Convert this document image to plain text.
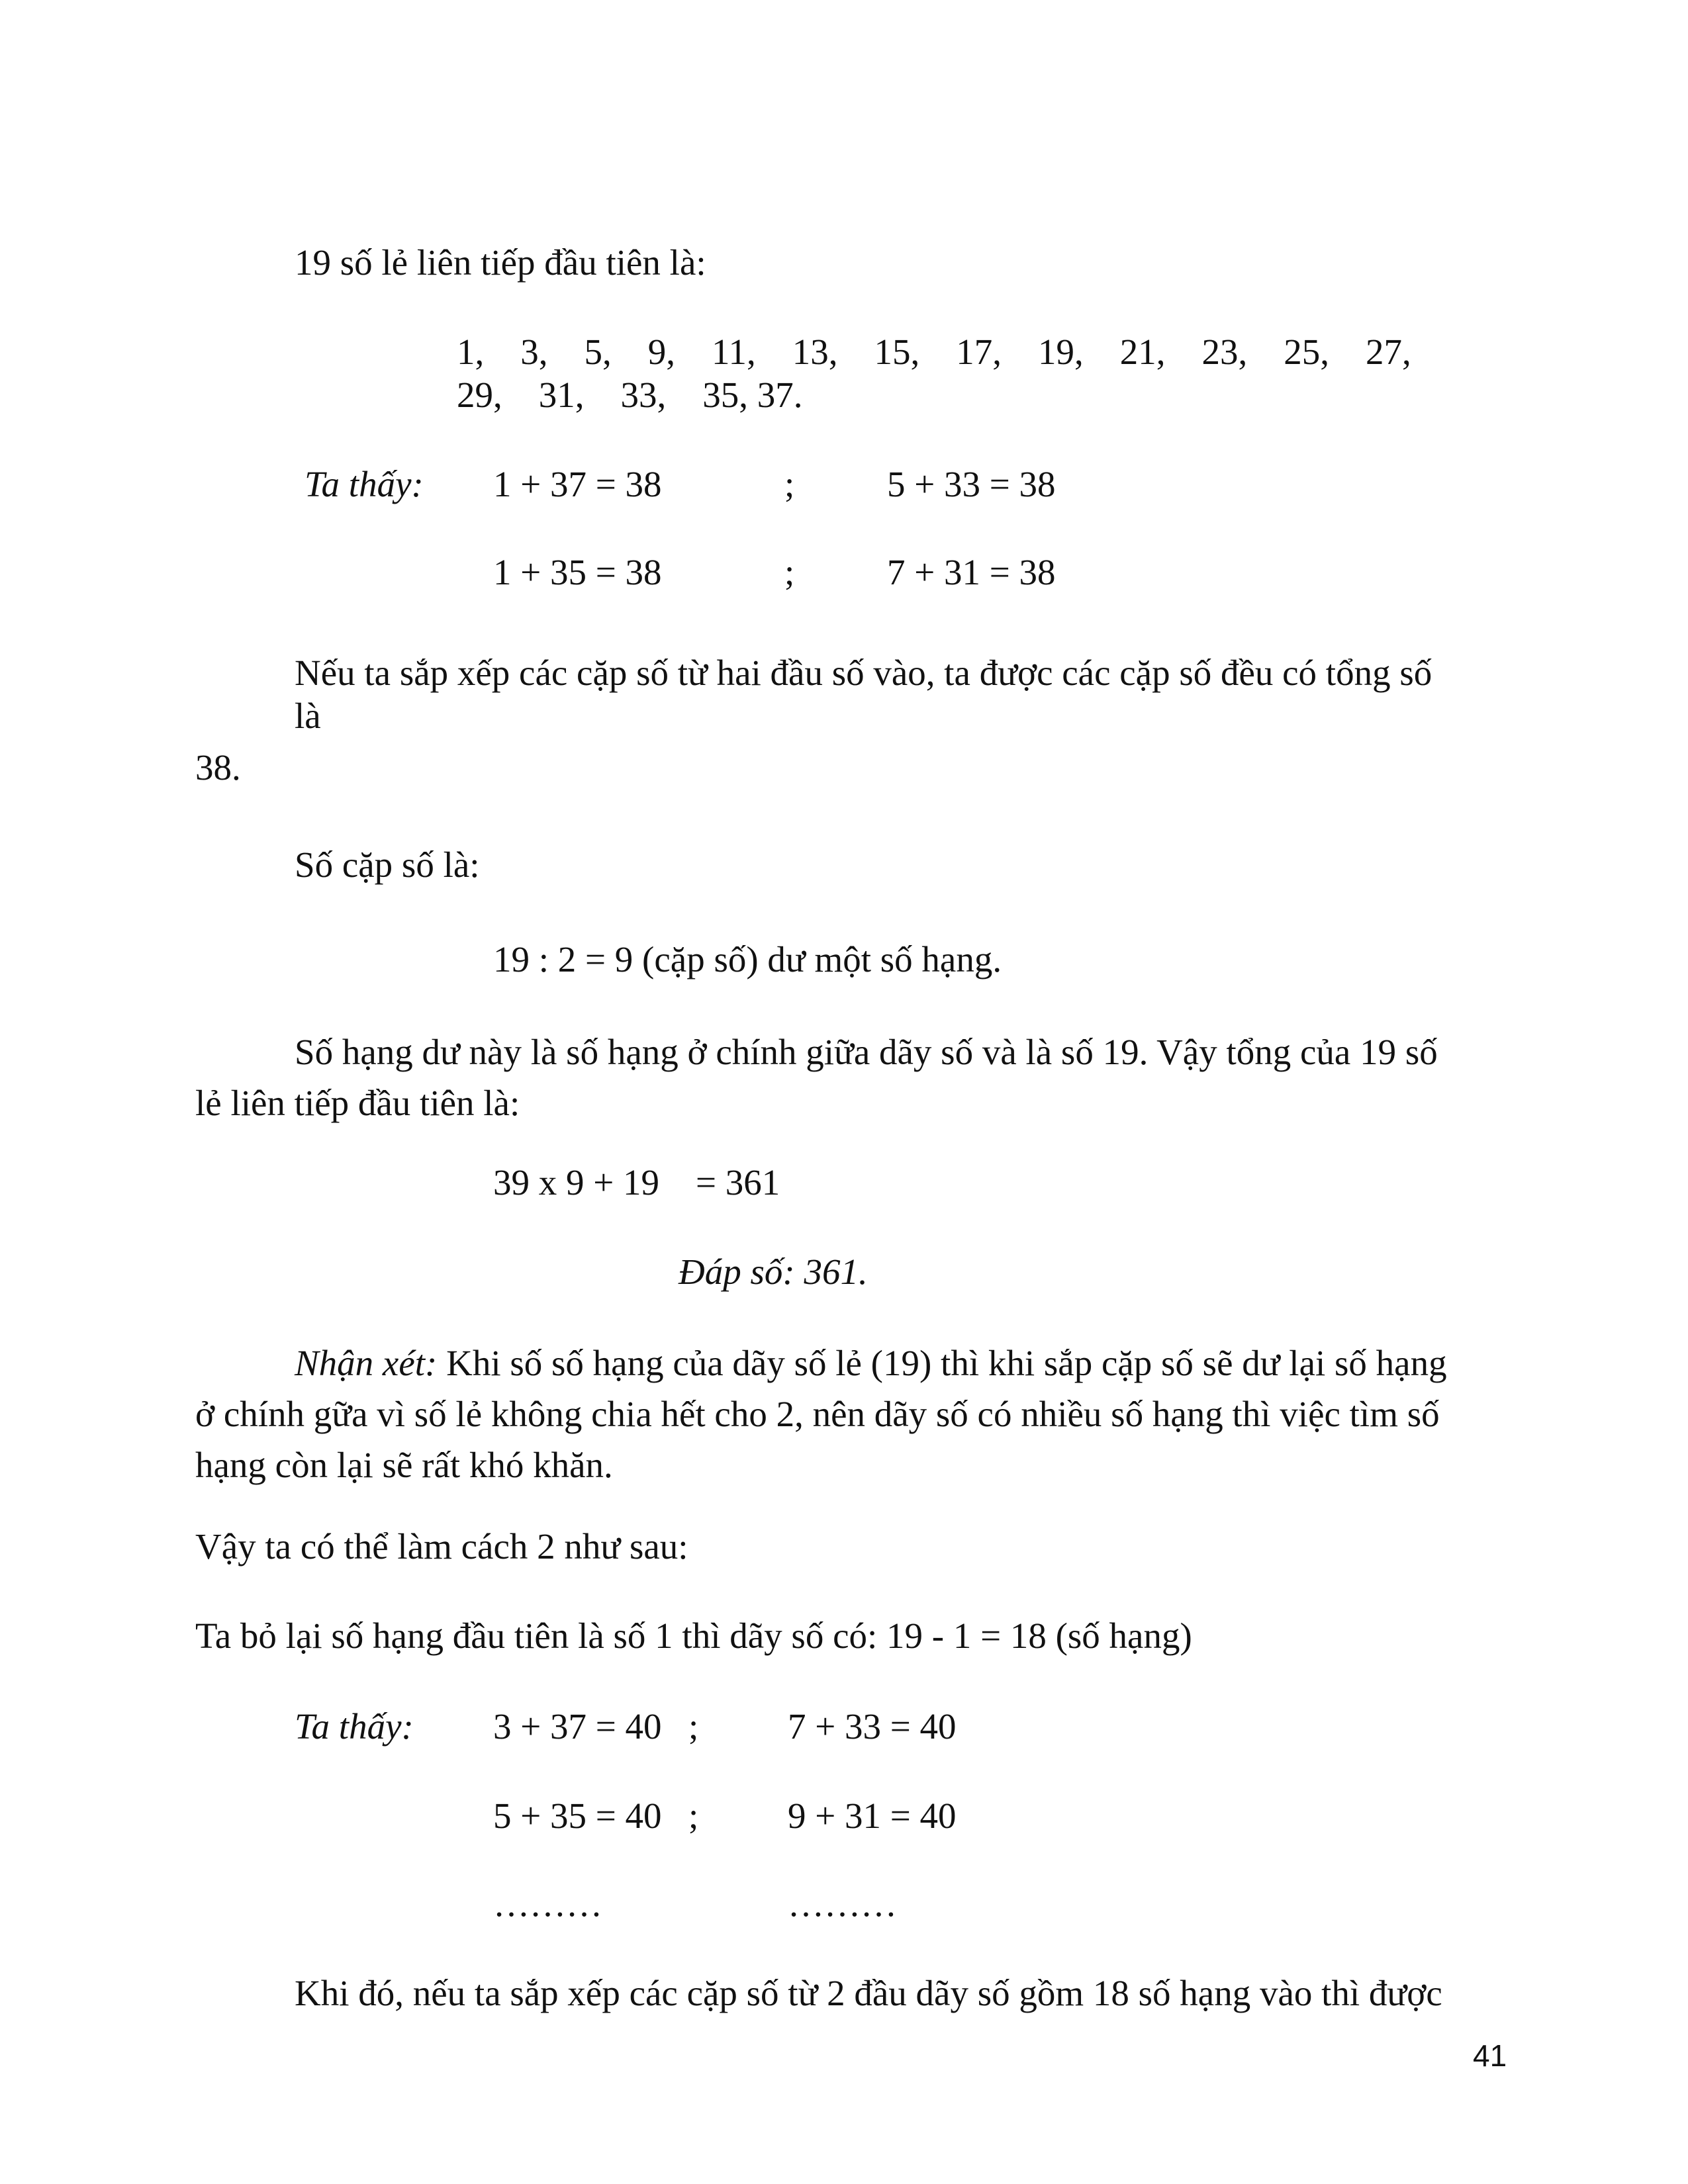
19 số lẻ liên tiếp đầu tiên là:
1,    3,    5,    9,    11,    13,    15,    17,    19,    21,    23,    25,    27,
29,    31,    33,    35, 37.
Ta thấy: 1 + 37 = 38	;	5 + 33 = 38
1 + 35 = 38	;	7 + 31 = 38
Nếu ta sắp xếp các cặp số từ hai đầu số vào, ta được các cặp số đều có tổng số
là
38.
Số cặp số là:
19 : 2 = 9 (cặp số) dư một số hạng.
Số hạng dư này là số hạng ở chính giữa dãy số và là số 19. Vậy tổng của 19 số
lẻ liên tiếp đầu tiên là:
39 x 9 + 19    = 361
Đáp số: 361.
Nhận xét: Khi số số hạng của dãy số lẻ (19) thì khi sắp cặp số sẽ dư lại số hạng
ở chính gữa vì số lẻ không chia hết cho 2, nên dãy số có nhiều số hạng thì việc tìm số
hạng còn lại sẽ rất khó khăn.
Vậy ta có thể làm cách 2 như sau:
Ta bỏ lại số hạng đầu tiên là số 1 thì dãy số có: 19 - 1 = 18 (số hạng)
Ta thấy: 3 + 37 = 40 ; 7 + 33 = 40
5 + 35 = 40 ; 9 + 31 = 40
………	………
Khi đó, nếu ta sắp xếp các cặp số từ 2 đầu dãy số gồm 18 số hạng vào thì được
41
